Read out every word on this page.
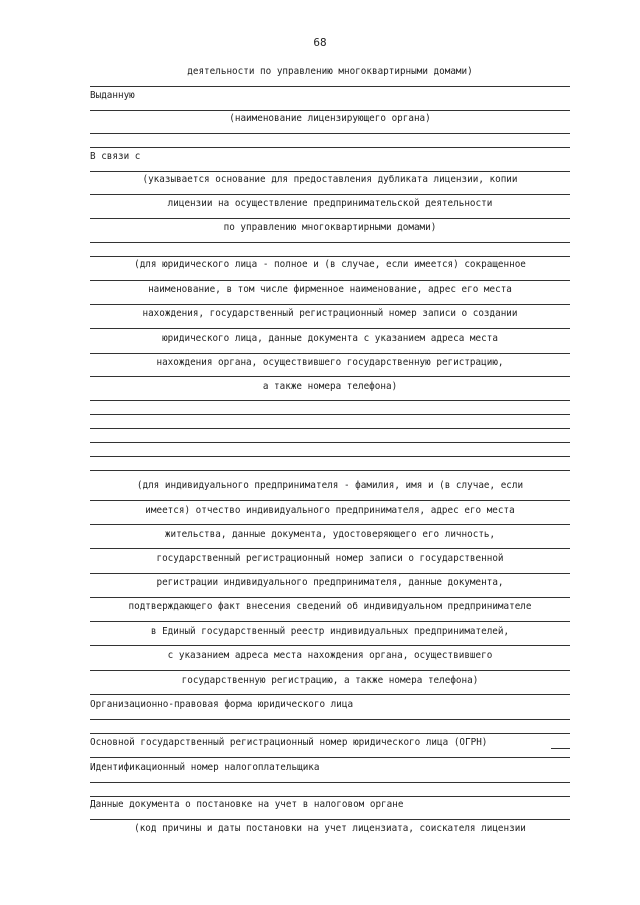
68
деятельности по управлению многоквартирными домами)
Выданную
(наименование лицензирующего органа)
В связи с
(указывается основание для предоставления дубликата лицензии, копии
лицензии на осуществление предпринимательской деятельности
по управлению многоквартирными домами)
(для юридического лица - полное и (в случае, если имеется) сокращенное
наименование, в том числе фирменное наименование, адрес его места
нахождения, государственный регистрационный номер записи о создании
юридического лица, данные документа с указанием адреса места
нахождения органа, осуществившего государственную регистрацию,
а также номера телефона)
(для индивидуального предпринимателя - фамилия, имя и (в случае, если
имеется) отчество индивидуального предпринимателя, адрес его места
жительства, данные документа, удостоверяющего его личность,
государственный регистрационный номер записи о государственной
регистрации индивидуального предпринимателя, данные документа,
подтверждающего факт внесения сведений об индивидуальном предпринимателе
в Единый государственный реестр индивидуальных предпринимателей,
с указанием адреса места нахождения органа, осуществившего
государственную регистрацию, а также номера телефона)
Организационно-правовая форма юридического лица
Основной государственный регистрационный номер юридического лица (ОГРН)
Идентификационный номер налогоплательщика
Данные документа о постановке на учет в налоговом органе
(код причины и даты постановки на учет лицензиата, соискателя лицензии
